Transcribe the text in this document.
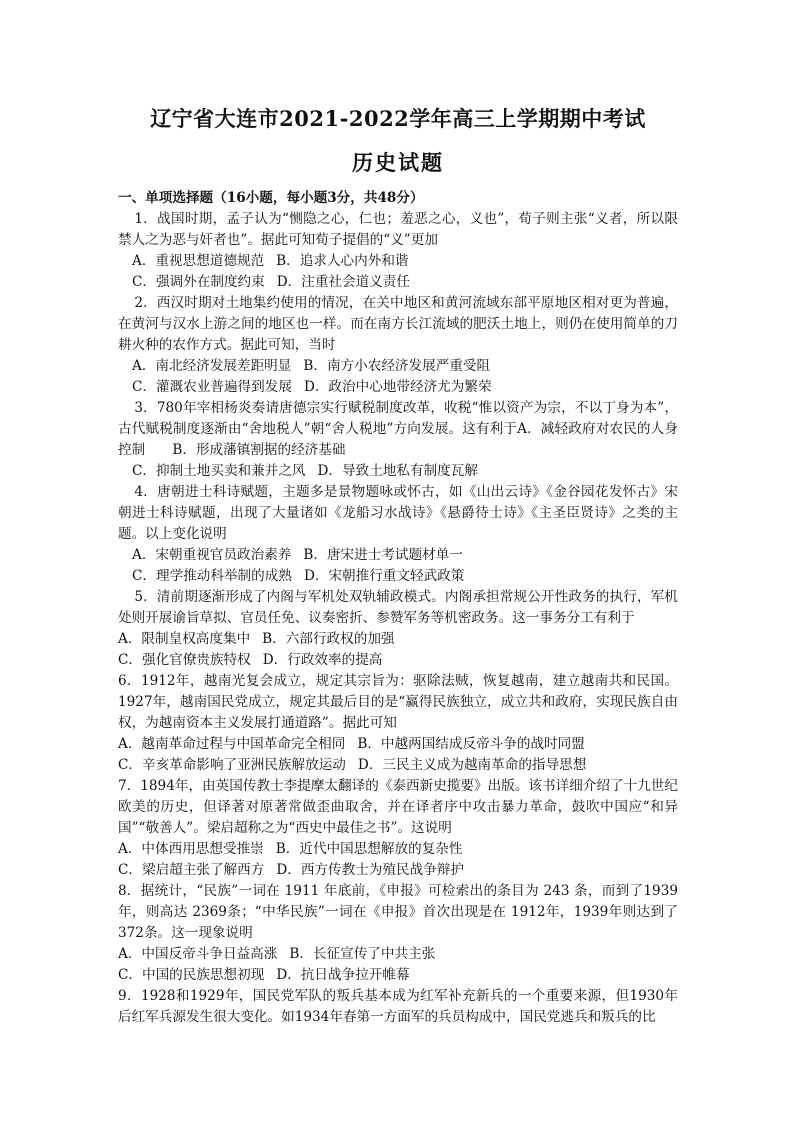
辽宁省大连市2021-2022学年高三上学期期中考试
历史试题

一、单项选择题（16小题，每小题3分，共48分）

1．战国时期，孟子认为“恻隐之心，仁也；羞恶之心，义也”，荀子则主张“义者，所以限禁人之为恶与奸者也”。据此可知荀子提倡的“义”更加

A．重视思想道德规范 B．追求人心内外和谐

C．强调外在制度约束 D．注重社会道义责任

2．西汉时期对土地集约使用的情况，在关中地区和黄河流域东部平原地区相对更为普遍，在黄河与汉水上游之间的地区也一样。而在南方长江流域的肥沃土地上，则仍在使用简单的刀耕火种的农作方式。据此可知，当时

A．南北经济发展差距明显 B．南方小农经济发展严重受阻

C．灌溉农业普遍得到发展 D．政治中心地带经济尤为繁荣

3．780年宰相杨炎奏请唐德宗实行赋税制度改革，收税“惟以资产为宗，不以丁身为本”，古代赋税制度逐渐由“舍地税人”朝“舍人税地”方向发展。这有利于A．减轻政府对农民的人身控制　　B．形成藩镇割据的经济基础

C．抑制土地买卖和兼并之风 D．导致土地私有制度瓦解

4．唐朝进士科诗赋题，主题多是景物题咏或怀古，如《山出云诗》《金谷园花发怀古》宋朝进士科诗赋题，出现了大量诸如《龙船习水战诗》《悬爵待士诗》《主圣臣贤诗》之类的主题。以上变化说明

A．宋朝重视官员政治素养 B．唐宋进士考试题材单一

C．理学推动科举制的成熟 D．宋朝推行重文轻武政策

5．清前期逐渐形成了内阁与军机处双轨辅政模式。内阁承担常规公开性政务的执行，军机处则开展谕旨草拟、官员任免、议奏密折、参赞军务等机密政务。这一事务分工有利于

A．限制皇权高度集中 B．六部行政权的加强

C．强化官僚贵族特权 D．行政效率的提高

6．1912年，越南光复会成立，规定其宗旨为：驱除法贼，恢复越南，建立越南共和民国。1927年，越南国民党成立，规定其最后目的是“赢得民族独立，成立共和政府，实现民族自由权，为越南资本主义发展打通道路”。据此可知

A．越南革命过程与中国革命完全相同 B．中越两国结成反帝斗争的战时同盟

C．辛亥革命影响了亚洲民族解放运动 D．三民主义成为越南革命的指导思想

7．1894年，由英国传教士李提摩太翻译的《泰西新史揽要》出版。该书详细介绍了十九世纪欧美的历史，但译著对原著常做歪曲取舍，并在译者序中攻击暴力革命，鼓吹中国应“和异国”“敬善人”。梁启超称之为“西史中最佳之书”。这说明

A．中体西用思想受推崇 B．近代中国思想解放的复杂性

C．梁启超主张了解西方 D．西方传教士为殖民战争辩护

8．据统计，“民族”一词在 1911 年底前，《申报》可检索出的条目为 243 条，而到了1939年，则高达 2369条；“中华民族”一词在《申报》首次出现是在 1912年，1939年则达到了 372条。这一现象说明

A．中国反帝斗争日益高涨 B．长征宣传了中共主张

C．中国的民族思想初现 D．抗日战争拉开帷幕

9．1928和1929年，国民党军队的叛兵基本成为红军补充新兵的一个重要来源，但1930年后红军兵源发生很大变化。如1934年春第一方面军的兵员构成中，国民党逃兵和叛兵的比
